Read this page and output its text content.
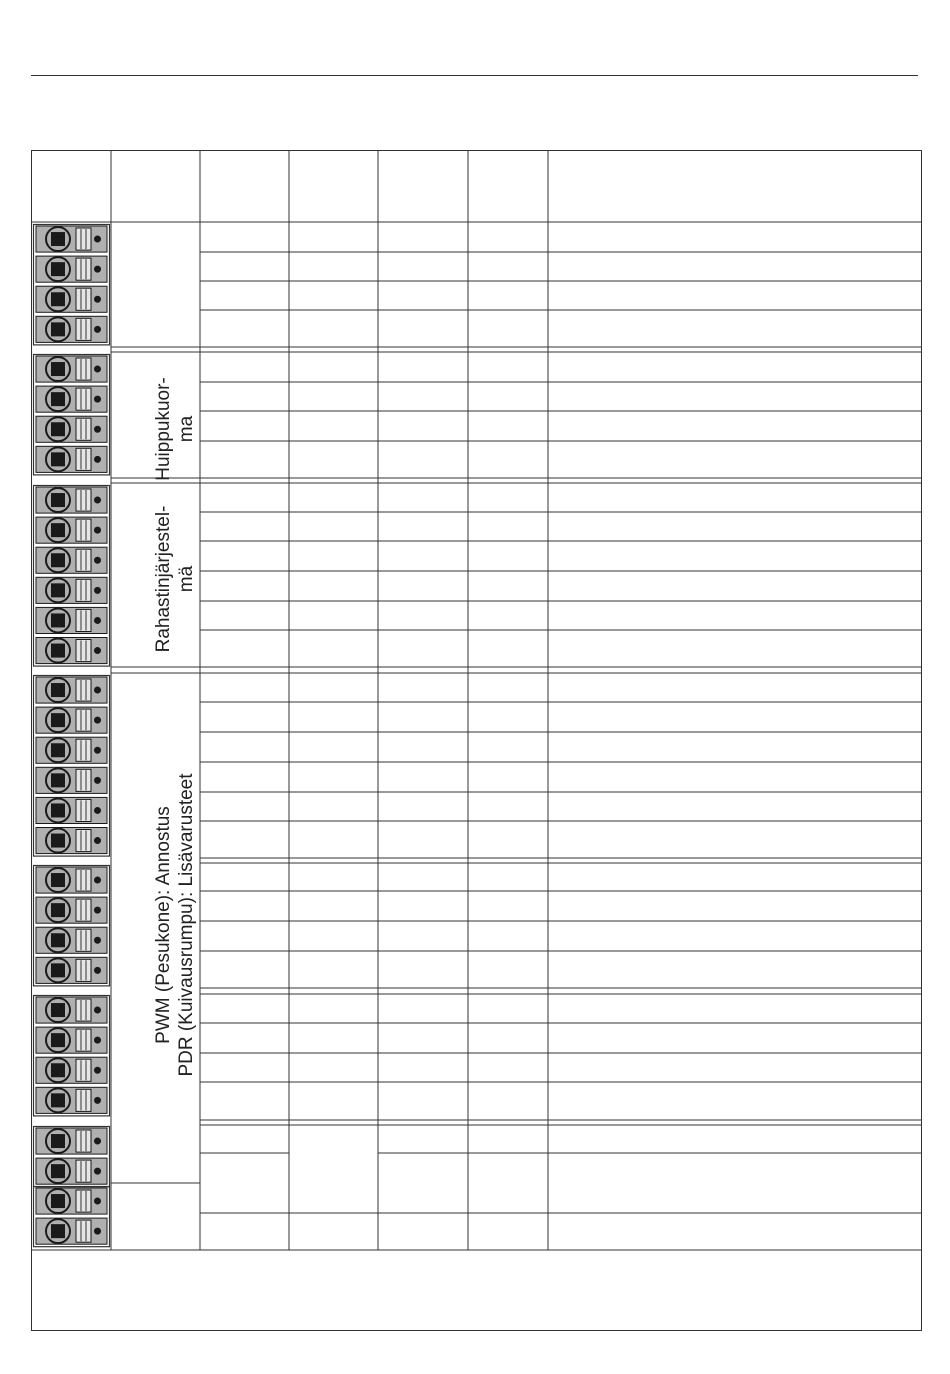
Huippukuor-
ma
Rahastinjärjestel-
mä
PWM (Pesukone): Annostus
PDR (Kuivausrumpu): Lisävarusteet
